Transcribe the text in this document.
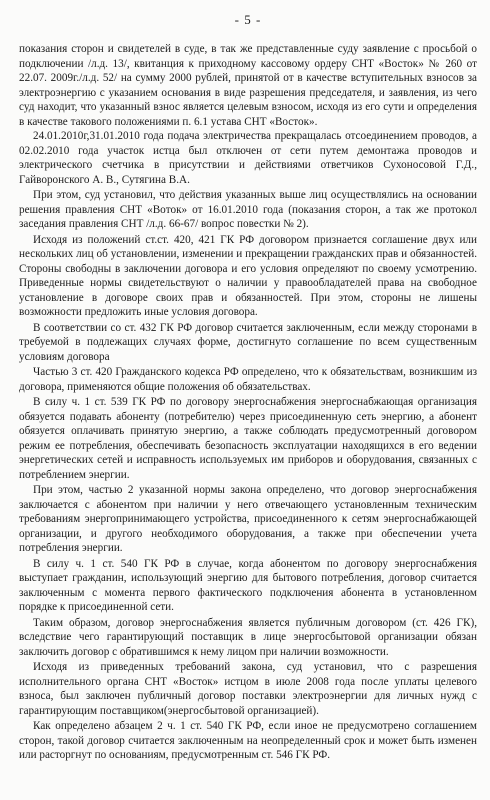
- 5 -

показания сторон и свидетелей в суде, в так же представленные суду заявление с просьбой о подключении /л.д. 13/, квитанция к приходному кассовому ордеру СНТ «Восток» № 260 от 22.07. 2009г./л.д. 52/ на сумму 2000 рублей, принятой от в качестве вступительных взносов за электроэнергию с указанием основания в виде разрешения председателя, и заявления, из чего суд находит, что указанный взнос является целевым взносом, исходя из его сути и определения в качестве такового положениями п. 6.1 устава СНТ «Восток».

24.01.2010г,31.01.2010 года подача электричества прекращалась отсоединением проводов, а 02.02.2010 года участок истца был отключен от сети путем демонтажа проводов и электрического счетчика в присутствии и действиями ответчиков Сухоносовой Г.Д., Гайворонского А. В., Сутягина В.А.

При этом, суд установил, что действия указанных выше лиц осуществлялись на основании решения правления СНТ «Вoток» от 16.01.2010 года (показания сторон, а так же протокол заседания правления СНТ /л.д. 66-67/ вопрос повестки № 2).

Исходя из положений ст.ст. 420, 421 ГК РФ договором признается соглашение двух или нескольких лиц об установлении, изменении и прекращении гражданских прав и обязанностей. Стороны свободны в заключении договора и его условия определяют по своему усмотрению. Приведенные нормы свидетельствуют о наличии у правообладателей права на свободное установление в договоре своих прав и обязанностей. При этом, стороны не лишены возможности предложить иные условия договора.

В соответствии со ст. 432 ГК РФ договор считается заключенным, если между сторонами в требуемой в подлежащих случаях форме, достигнуто соглашение по всем существенным условиям договора

Частью 3 ст. 420 Гражданского кодекса РФ определено, что к обязательствам, возникшим из договора, применяются общие положения об обязательствах.

В силу ч. 1 ст. 539 ГК РФ по договору энергоснабжения энергоснабжающая организация обязуется подавать абоненту (потребителю) через присоединенную сеть энергию, а абонент обязуется оплачивать принятую энергию, а также соблюдать предусмотренный договором режим ее потребления, обеспечивать безопасность эксплуатации находящихся в его ведении энергетических сетей и исправность используемых им приборов и оборудования, связанных с потреблением энергии.

При этом, частью 2 указанной нормы закона определено, что договор энергоснабжения заключается с абонентом при наличии у него отвечающего установленным техническим требованиям энергопринимающего устройства, присоединенного к сетям энергоснабжающей организации, и другого необходимого оборудования, а также при обеспечении учета потребления энергии.

В силу ч. 1 ст. 540 ГК РФ в случае, когда абонентом по договору энергоснабжения выступает гражданин, использующий энергию для бытового потребления, договор считается заключенным с момента первого фактического подключения абонента в установленном порядке к присоединенной сети.

Таким образом, договор энергоснабжения является публичным договором (ст. 426 ГК), вследствие чего гарантирующий поставщик в лице энергосбытовой организации обязан заключить договор с обратившимся к нему лицом при наличии возможности.

Исходя из приведенных требований закона, суд установил, что с разрешения исполнительного органа СНТ «Восток» истцом в июле 2008 года после уплаты целевого взноса, был заключен публичный договор поставки электроэнергии для личных нужд с гарантирующим поставщиком(энергосбытовой организацией).

Как определено абзацем 2 ч. 1 ст. 540 ГК РФ, если иное не предусмотрено соглашением сторон, такой договор считается заключенным на неопределенный срок и может быть изменен или расторгнут по основаниям, предусмотренным ст. 546 ГК РФ.
